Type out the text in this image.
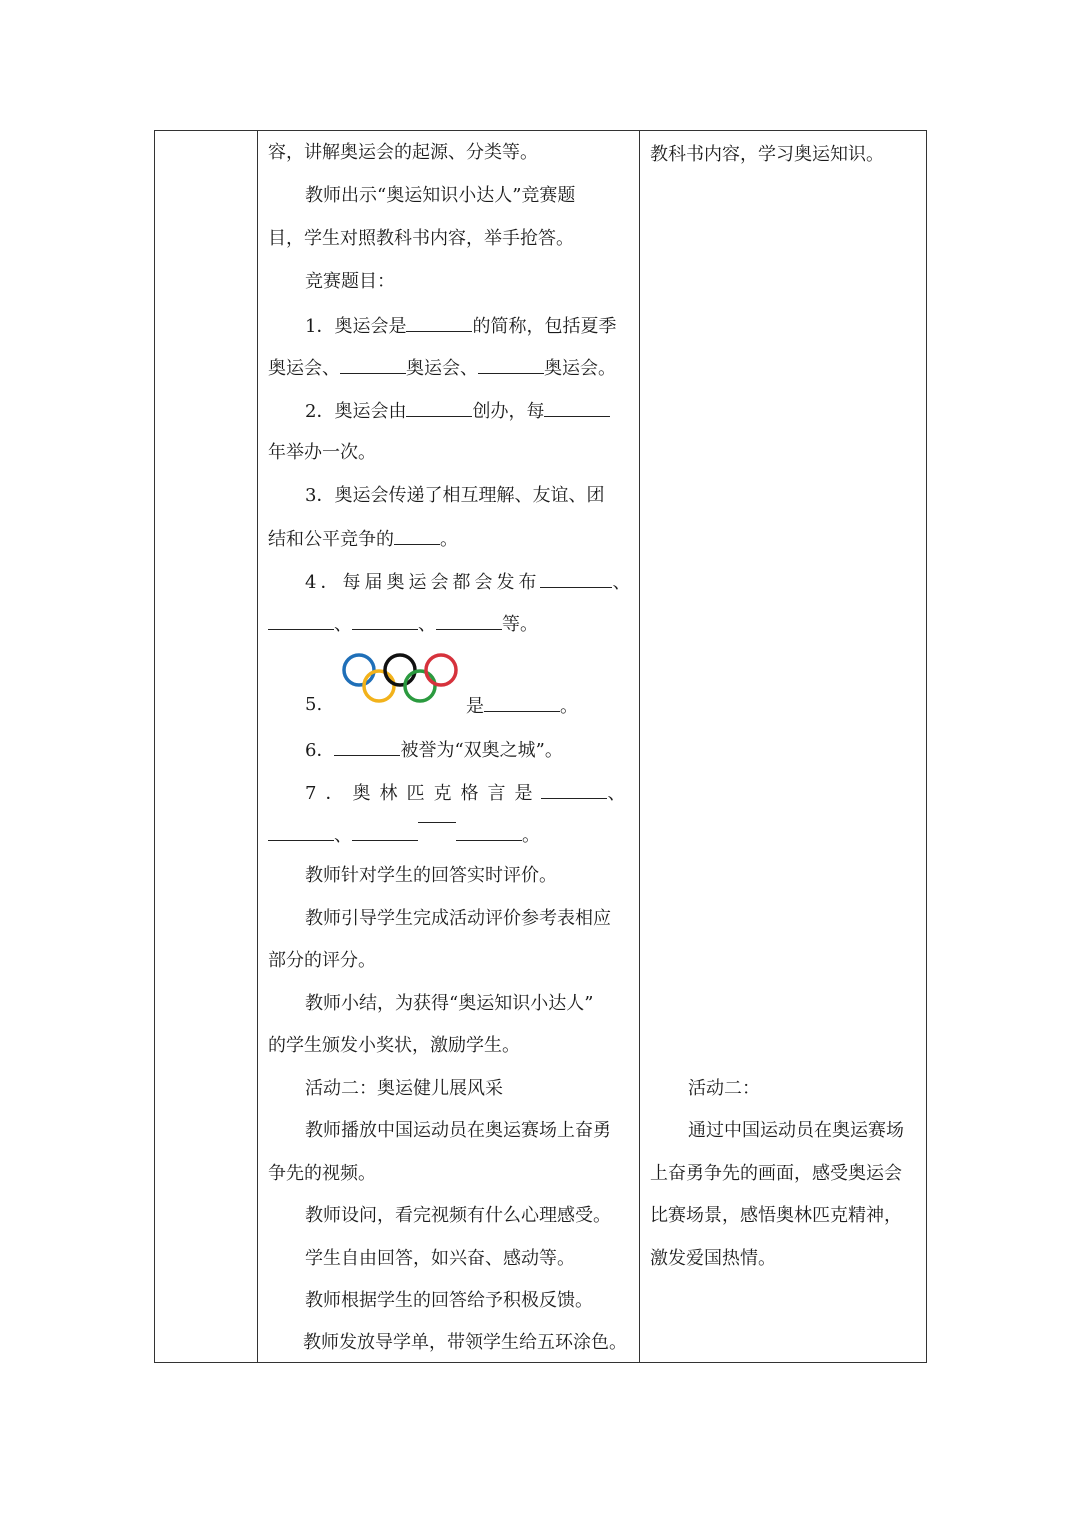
容，讲解奥运会的起源、分类等。
教师出示“奥运知识小达人”竞赛题
目，学生对照教科书内容，举手抢答。
竞赛题目：
1．奥运会是	的简称，包括夏季
奥运会、	奥运会、	奥运会。
2．奥运会由	创办，每
年举办一次。
3．奥运会传递了相互理解、友谊、团
结和公平竞争的	。
4．每届奥运会都会发布	、
、	、	等。
5.	是	。
6．	被誉为“双奥之城”。
7．奥林匹克格言是	、
、	。
教师针对学生的回答实时评价。
教师引导学生完成活动评价参考表相应
部分的评分。
教师小结，为获得“奥运知识小达人”
的学生颁发小奖状，激励学生。
活动二：奥运健儿展风采
教师播放中国运动员在奥运赛场上奋勇
争先的视频。
教师设问，看完视频有什么心理感受。
学生自由回答，如兴奋、感动等。
教师根据学生的回答给予积极反馈。
教师发放导学单，带领学生给五环涂色。
教科书内容，学习奥运知识。
活动二：
通过中国运动员在奥运赛场
上奋勇争先的画面，感受奥运会
比赛场景，感悟奥林匹克精神，
激发爱国热情。
